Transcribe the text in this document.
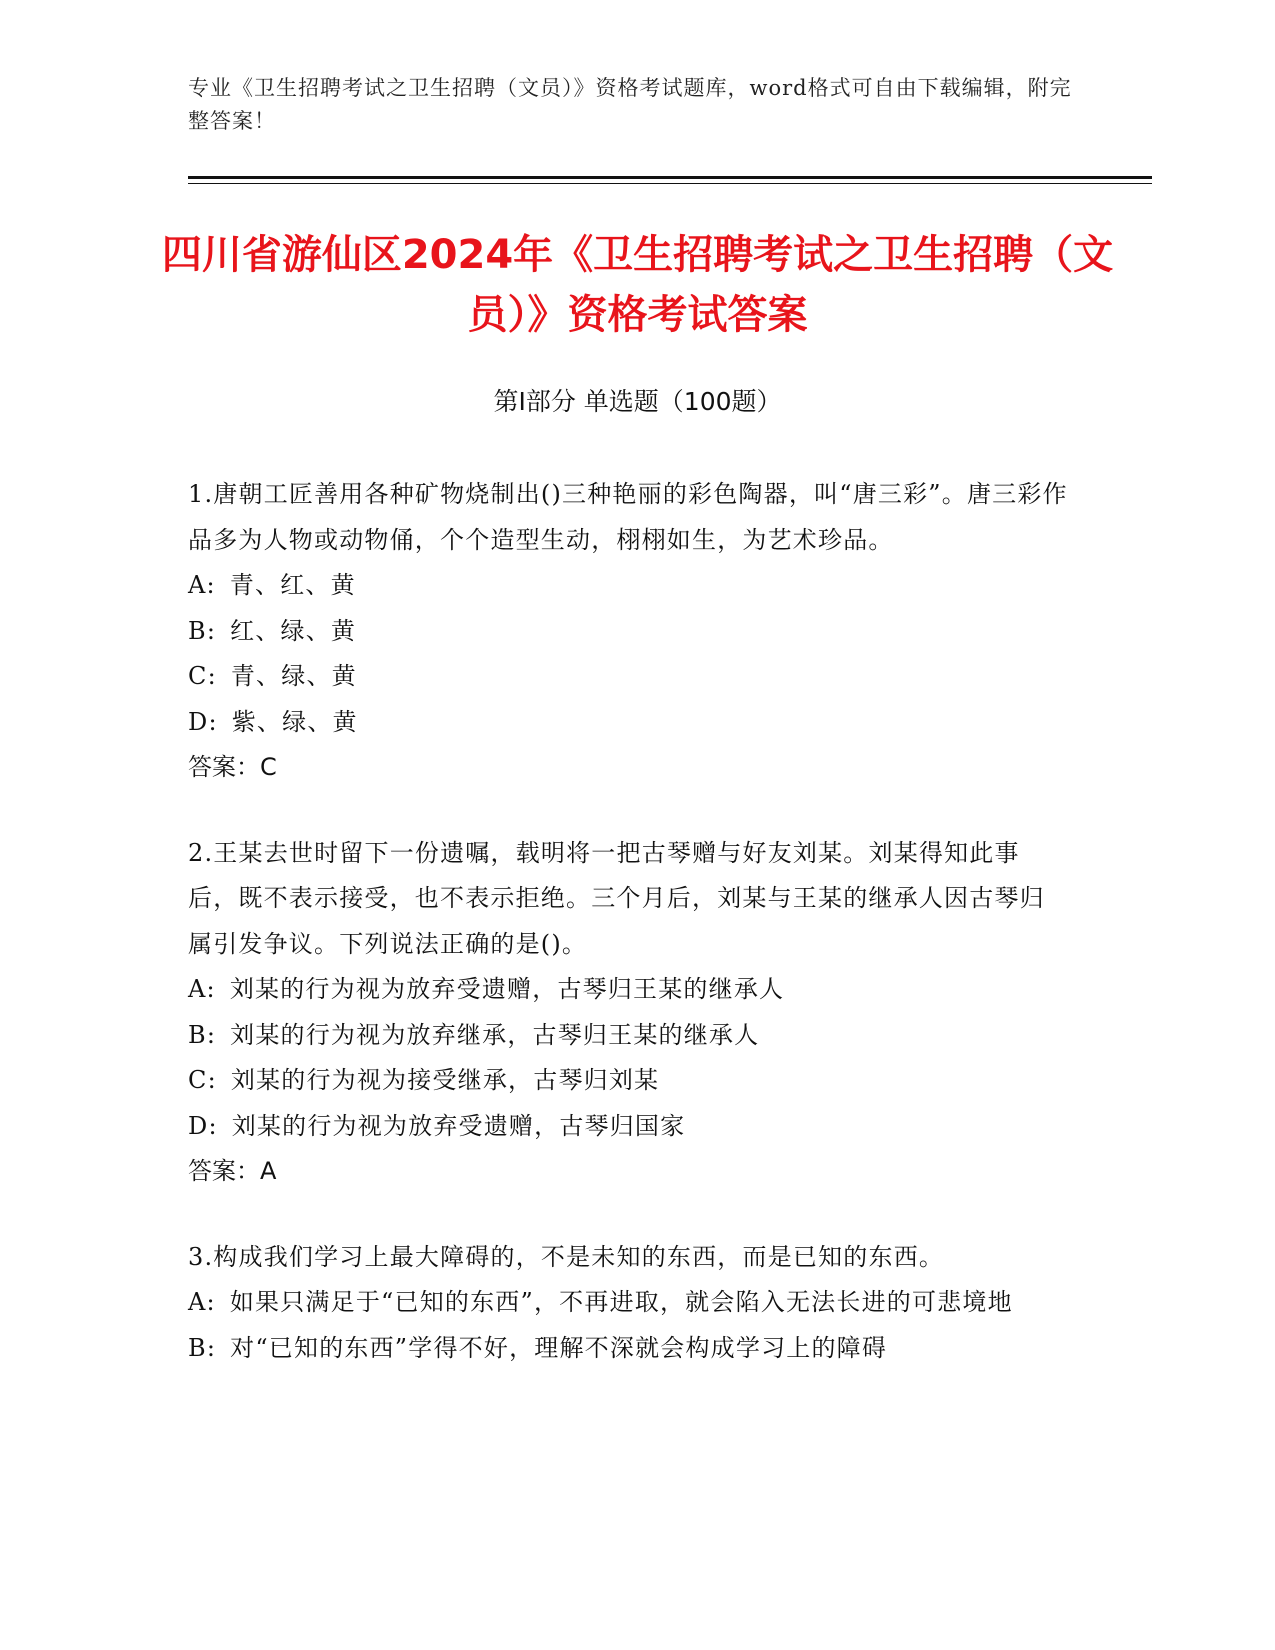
专业《卫生招聘考试之卫生招聘（文员）》资格考试题库，word格式可自由下载编辑，附完整答案！
四川省游仙区2024年《卫生招聘考试之卫生招聘（文员）》资格考试答案
第Ⅰ部分 单选题（100题）

1.唐朝工匠善用各种矿物烧制出()三种艳丽的彩色陶器，叫“唐三彩”。唐三彩作品多为人物或动物俑，个个造型生动，栩栩如生，为艺术珍品。

A: 青、红、黄

B: 红、绿、黄

C: 青、绿、黄

D: 紫、绿、黄

答案：C

2.王某去世时留下一份遗嘱，载明将一把古琴赠与好友刘某。刘某得知此事后，既不表示接受，也不表示拒绝。三个月后，刘某与王某的继承人因古琴归属引发争议。下列说法正确的是()。

A: 刘某的行为视为放弃受遗赠，古琴归王某的继承人

B: 刘某的行为视为放弃继承，古琴归王某的继承人

C: 刘某的行为视为接受继承，古琴归刘某

D: 刘某的行为视为放弃受遗赠，古琴归国家

答案：A

3.构成我们学习上最大障碍的，不是未知的东西，而是已知的东西。

A: 如果只满足于“已知的东西”，不再进取，就会陷入无法长进的可悲境地

B: 对“已知的东西”学得不好，理解不深就会构成学习上的障碍
